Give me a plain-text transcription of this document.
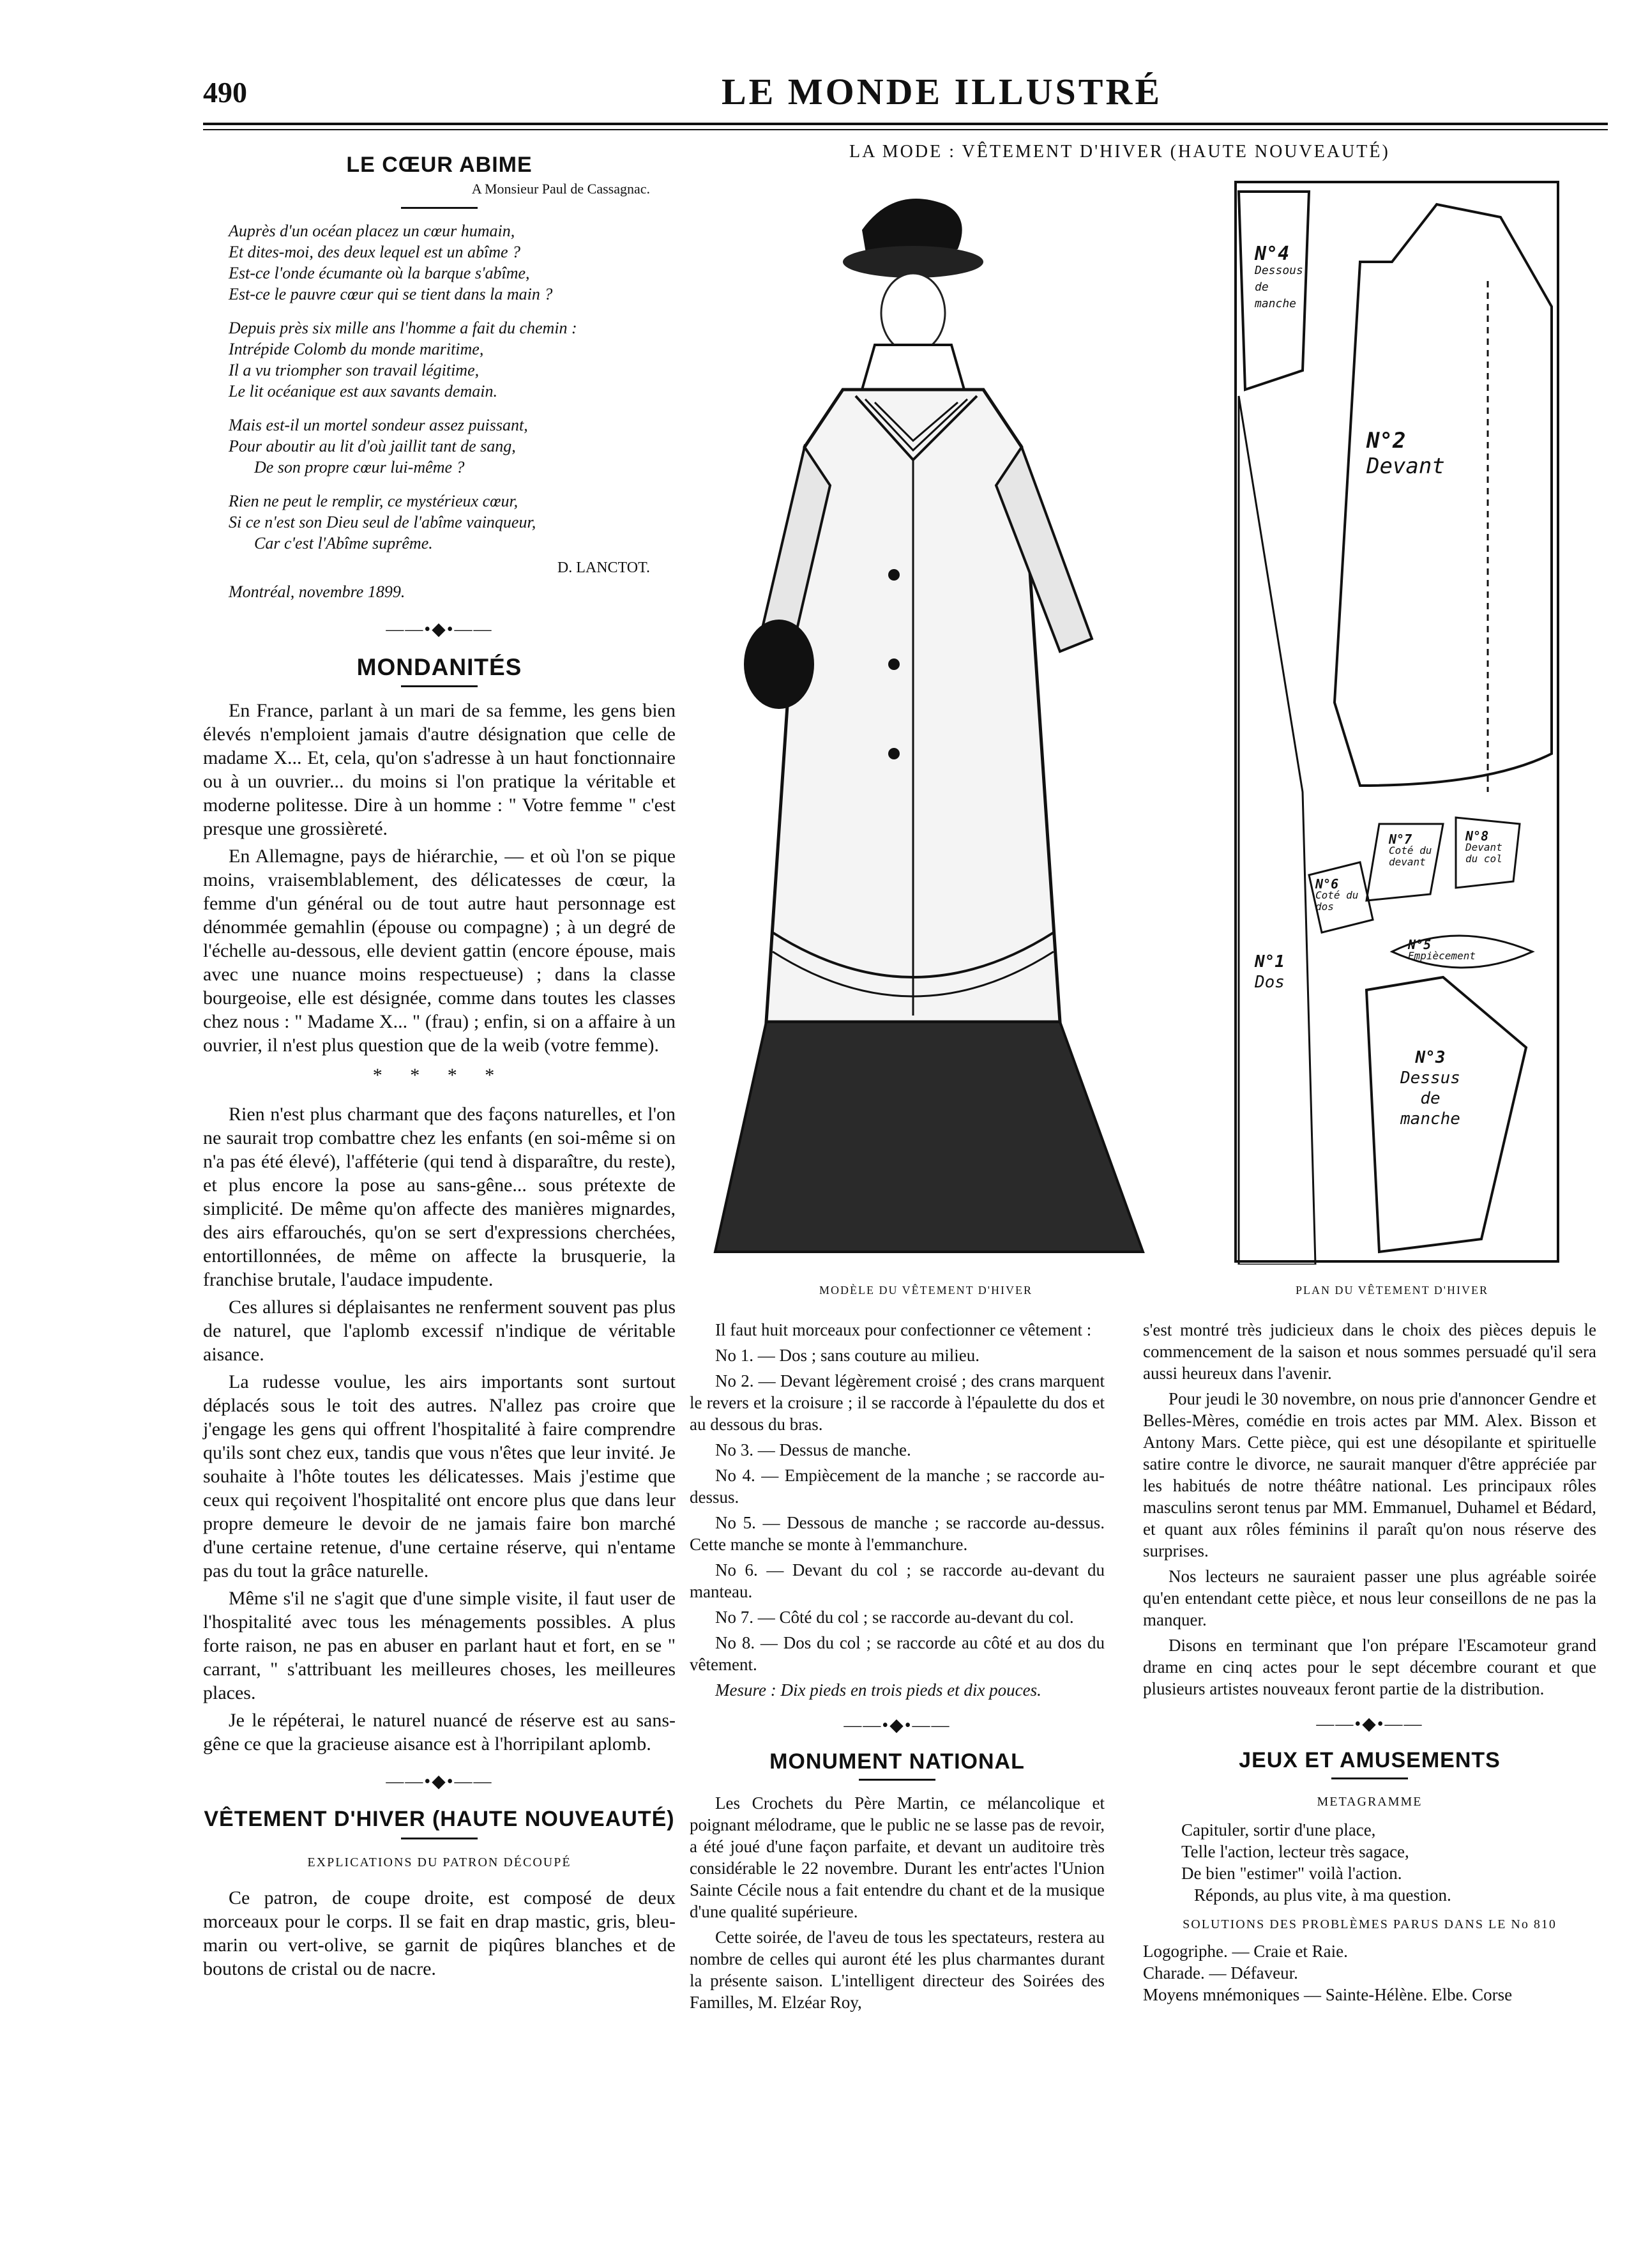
490	LE MONDE ILLUSTRÉ
LE CŒUR ABIME
A Monsieur Paul de Cassagnac.
Auprès d'un océan placez un cœur humain,
Et dites-moi, des deux lequel est un abîme ?
Est-ce l'onde écumante où la barque s'abîme,
Est-ce le pauvre cœur qui se tient dans la main ?
Depuis près six mille ans l'homme a fait du chemin :
Intrépide Colomb du monde maritime,
Il a vu triompher son travail légitime,
Le lit océanique est aux savants demain.
Mais est-il un mortel sondeur assez puissant,
Pour aboutir au lit d'où jaillit tant de sang,
De son propre cœur lui-même ?
Rien ne peut le remplir, ce mystérieux cœur,
Si ce n'est son Dieu seul de l'abîme vainqueur,
Car c'est l'Abîme suprême.
D. LANCTOT.
Montréal, novembre 1899.
——•◆•——
MONDANITÉS

En France, parlant à un mari de sa femme, les gens bien élevés n'emploient jamais d'autre désignation que celle de madame X... Et, cela, qu'on s'adresse à un haut fonctionnaire ou à un ouvrier... du moins si l'on pratique la véritable et moderne politesse. Dire à un homme : " Votre femme " c'est presque une grossièreté.

En Allemagne, pays de hiérarchie, — et où l'on se pique moins, vraisemblablement, des délicatesses de cœur, la femme d'un général ou de tout autre haut personnage est dénommée gemahlin (épouse ou compagne) ; à un degré de l'échelle au-dessous, elle devient gattin (encore épouse, mais avec une nuance moins respectueuse) ; dans la classe bourgeoise, elle est désignée, comme dans toutes les classes chez nous : " Madame X... " (frau) ; enfin, si on a affaire à un ouvrier, il n'est plus question que de la weib (votre femme).

* * * *

Rien n'est plus charmant que des façons naturelles, et l'on ne saurait trop combattre chez les enfants (en soi-même si on n'a pas été élevé), l'afféterie (qui tend à disparaître, du reste), et plus encore la pose au sans-gêne... sous prétexte de simplicité. De même qu'on affecte des manières mignardes, des airs effarouchés, qu'on se sert d'expressions cherchées, entortillonnées, de même on affecte la brusquerie, la franchise brutale, l'audace impudente.

Ces allures si déplaisantes ne renferment souvent pas plus de naturel, que l'aplomb excessif n'indique de véritable aisance.

La rudesse voulue, les airs importants sont surtout déplacés sous le toit des autres. N'allez pas croire que j'engage les gens qui offrent l'hospitalité à faire comprendre qu'ils sont chez eux, tandis que vous n'êtes que leur invité. Je souhaite à l'hôte toutes les délicatesses. Mais j'estime que ceux qui reçoivent l'hospitalité ont encore plus que dans leur propre demeure le devoir de ne jamais faire bon marché d'une certaine retenue, d'une certaine réserve, qui n'entame pas du tout la grâce naturelle.

Même s'il ne s'agit que d'une simple visite, il faut user de l'hospitalité avec tous les ménagements possibles. A plus forte raison, ne pas en abuser en parlant haut et fort, en se " carrant, " s'attribuant les meilleures choses, les meilleures places.

Je le répéterai, le naturel nuancé de réserve est au sans-gêne ce que la gracieuse aisance est à l'horripilant aplomb.

——•◆•——
VÊTEMENT D'HIVER (HAUTE NOUVEAUTÉ)
EXPLICATIONS DU PATRON DÉCOUPÉ

Ce patron, de coupe droite, est composé de deux morceaux pour le corps. Il se fait en drap mastic, gris, bleu-marin ou vert-olive, se garnit de piqûres blanches et de boutons de cristal ou de nacre.

LA MODE : VÊTEMENT D'HIVER (HAUTE NOUVEAUTÉ)
MODÈLE DU VÊTEMENT D'HIVER
N°4
Dessous de manche
N°2
Devant
N°7
Coté du devant
N°8
Devant du col
N°6
Coté du dos
N°5
Empiècement
N°1
Dos
N°3
Dessus de manche
PLAN DU VÊTEMENT D'HIVER

Il faut huit morceaux pour confectionner ce vêtement :

No 1. — Dos ; sans couture au milieu.

No 2. — Devant légèrement croisé ; des crans marquent le revers et la croisure ; il se raccorde à l'épaulette du dos et au dessous du bras.

No 3. — Dessus de manche.

No 4. — Empiècement de la manche ; se raccorde au-dessus.

No 5. — Dessous de manche ; se raccorde au-dessus. Cette manche se monte à l'emmanchure.

No 6. — Devant du col ; se raccorde au-devant du manteau.

No 7. — Côté du col ; se raccorde au-devant du col.

No 8. — Dos du col ; se raccorde au côté et au dos du vêtement.

Mesure : Dix pieds en trois pieds et dix pouces.

——•◆•——
MONUMENT NATIONAL

Les Crochets du Père Martin, ce mélancolique et poignant mélodrame, que le public ne se lasse pas de revoir, a été joué d'une façon parfaite, et devant un auditoire très considérable le 22 novembre. Durant les entr'actes l'Union Sainte Cécile nous a fait entendre du chant et de la musique d'une qualité supérieure.

Cette soirée, de l'aveu de tous les spectateurs, restera au nombre de celles qui auront été les plus charmantes durant la présente saison. L'intelligent directeur des Soirées des Familles, M. Elzéar Roy,

s'est montré très judicieux dans le choix des pièces depuis le commencement de la saison et nous sommes persuadé qu'il sera aussi heureux dans l'avenir.

Pour jeudi le 30 novembre, on nous prie d'annoncer Gendre et Belles-Mères, comédie en trois actes par MM. Alex. Bisson et Antony Mars. Cette pièce, qui est une désopilante et spirituelle satire contre le divorce, ne saurait manquer d'être appréciée par les habitués de notre théâtre national. Les principaux rôles masculins seront tenus par MM. Emmanuel, Duhamel et Bédard, et quant aux rôles féminins il paraît qu'on nous réserve des surprises.

Nos lecteurs ne sauraient passer une plus agréable soirée qu'en entendant cette pièce, et nous leur conseillons de ne pas la manquer.

Disons en terminant que l'on prépare l'Escamoteur grand drame en cinq actes pour le sept décembre courant et que plusieurs artistes nouveaux feront partie de la distribution.

——•◆•——
JEUX ET AMUSEMENTS
METAGRAMME
Capituler, sortir d'une place,
Telle l'action, lecteur très sagace,
De bien "estimer" voilà l'action.
Réponds, au plus vite, à ma question.
SOLUTIONS DES PROBLÈMES PARUS DANS LE No 810
Logogriphe. — Craie et Raie.
Charade. — Défaveur.
Moyens mnémoniques — Sainte-Hélène. Elbe. Corse
